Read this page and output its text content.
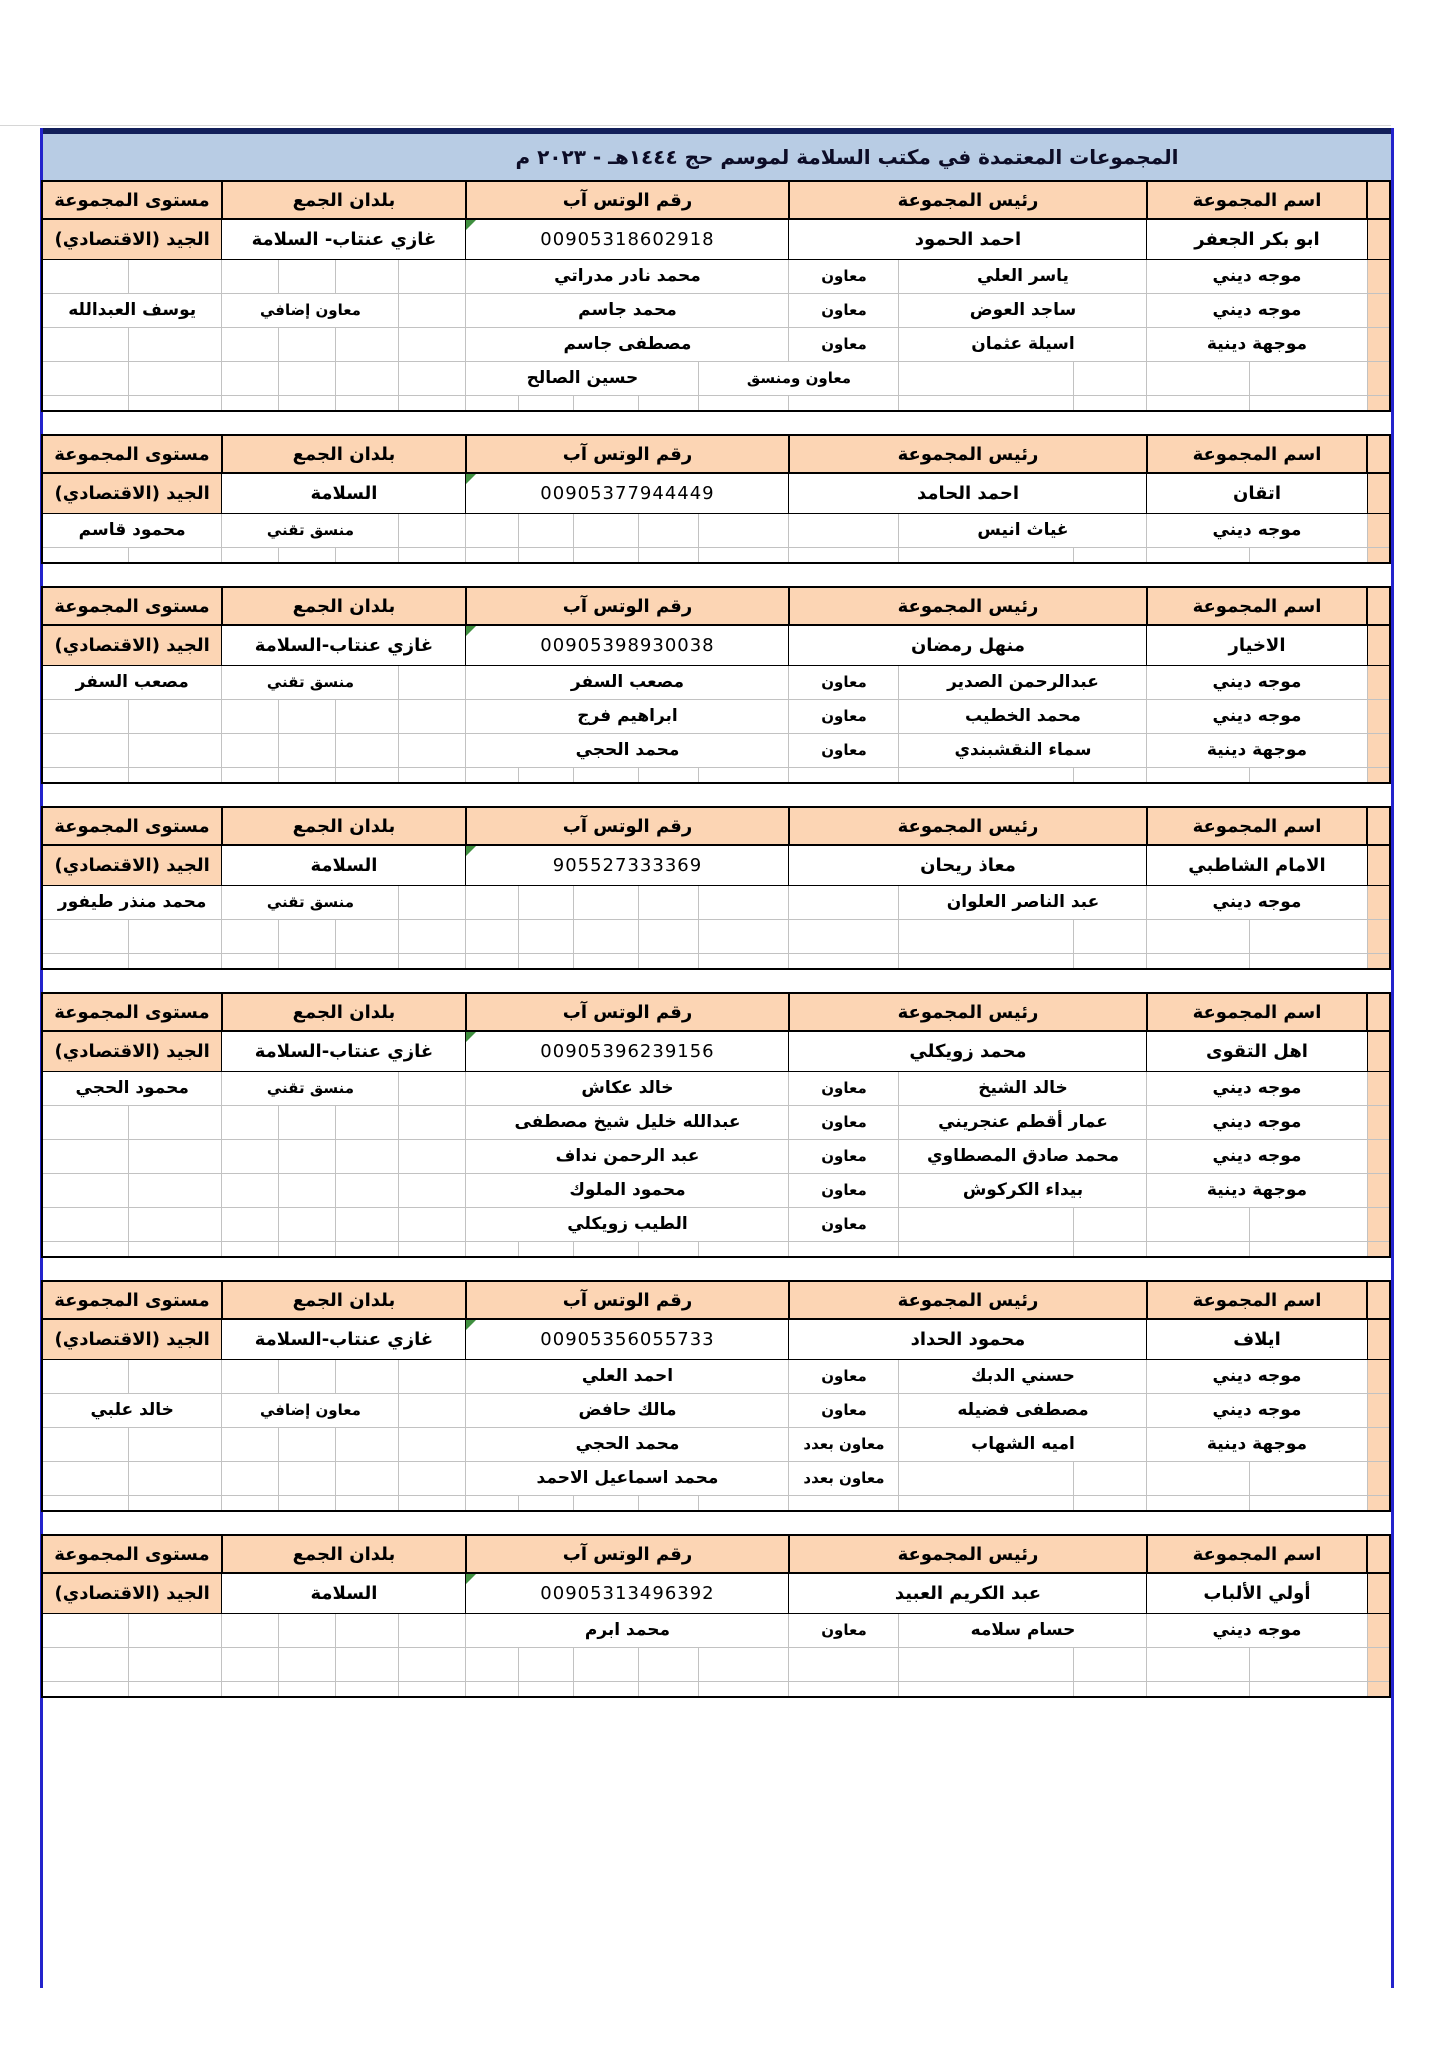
المجموعات المعتمدة في مكتب السلامة لموسم حج ١٤٤٤هـ - ٢٠٢٣ م
	اسم المجموعة		رئيس المجموعة			رقم الوتس آب					بلدان الجمع				مستوى المجموعة	
	ابو بكر الجعفر		احمد الحمود			00905318602918					غازي عنتاب- السلامة				الجيد (الاقتصادي)	
	موجه ديني		ياسر العلي		معاون	محمد نادر مدراتي										
	موجه ديني		ساجد العوض		معاون	محمد جاسم						معاون إضافي			يوسف العبدالله	
	موجهة دينية		اسيلة عثمان		معاون	مصطفى جاسم										
					معاون ومنسق		حسين الصالح									

	اسم المجموعة		رئيس المجموعة			رقم الوتس آب					بلدان الجمع				مستوى المجموعة	
	اتقان		احمد الحامد			00905377944449					السلامة				الجيد (الاقتصادي)	
	موجه ديني		غياث انيس									منسق تقني			محمود قاسم	

	اسم المجموعة		رئيس المجموعة			رقم الوتس آب					بلدان الجمع				مستوى المجموعة	
	الاخيار		منهل رمضان			00905398930038					غازي عنتاب-السلامة				الجيد (الاقتصادي)	
	موجه ديني		عبدالرحمن الصدير		معاون	مصعب السفر						منسق تقني			مصعب السفر	
	موجه ديني		محمد الخطيب		معاون	ابراهيم فرج										
	موجهة دينية		سماء النقشبندي		معاون	محمد الحجي										

	اسم المجموعة		رئيس المجموعة			رقم الوتس آب					بلدان الجمع				مستوى المجموعة	
	الامام الشاطبي		معاذ ريحان			905527333369					السلامة				الجيد (الاقتصادي)	
	موجه ديني		عبد الناصر العلوان									منسق تقني			محمد منذر طيفور	

	اسم المجموعة		رئيس المجموعة			رقم الوتس آب					بلدان الجمع				مستوى المجموعة	
	اهل التقوى		محمد زويكلي			00905396239156					غازي عنتاب-السلامة				الجيد (الاقتصادي)	
	موجه ديني		خالد الشيخ		معاون	خالد عكاش						منسق تقني			محمود الحجي	
	موجه ديني		عمار أقطم عنجريني		معاون	عبدالله خليل شيخ مصطفى										
	موجه ديني		محمد صادق المصطاوي		معاون	عبد الرحمن نداف										
	موجهة دينية		بيداء الكركوش		معاون	محمود الملوك										
					معاون	الطيب زويكلي										

	اسم المجموعة		رئيس المجموعة			رقم الوتس آب					بلدان الجمع				مستوى المجموعة	
	ايلاف		محمود الحداد			00905356055733					غازي عنتاب-السلامة				الجيد (الاقتصادي)	
	موجه ديني		حسني الدبك		معاون	احمد العلي										
	موجه ديني		مصطفى فضيله		معاون	مالك حافض						معاون إضافي			خالد علبي	
	موجهة دينية		اميه الشهاب		معاون بعدد	محمد الحجي										
					معاون بعدد	محمد اسماعيل الاحمد										

	اسم المجموعة		رئيس المجموعة			رقم الوتس آب					بلدان الجمع				مستوى المجموعة	
	أولي الألباب		عبد الكريم العبيد			00905313496392					السلامة				الجيد (الاقتصادي)	
	موجه ديني		حسام سلامه		معاون	محمد ابرم										
